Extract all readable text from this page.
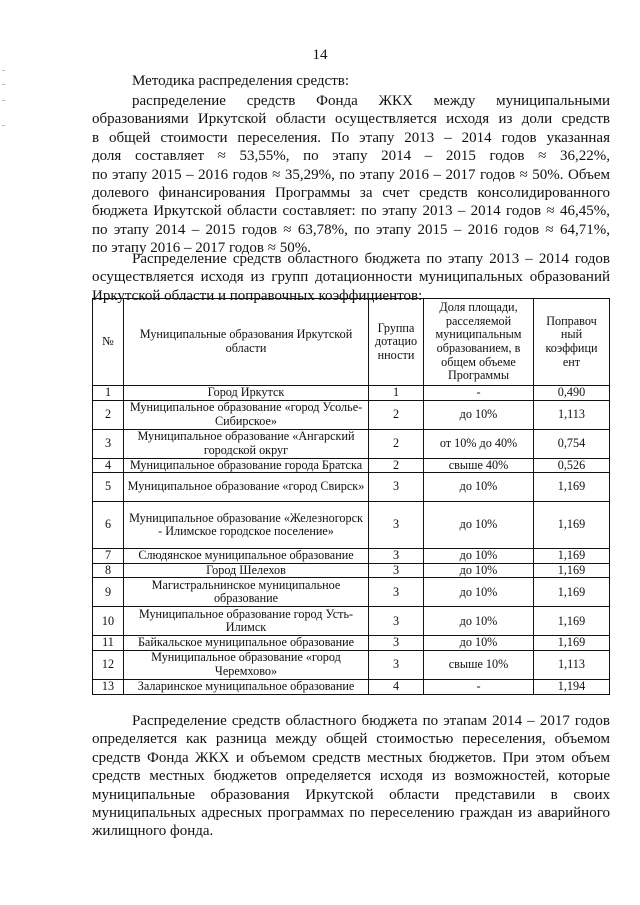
14
Методика распределения средств:
распределение средств Фонда ЖКХ между муниципальными
образованиями Иркутской области осуществляется исходя из доли средств
в общей стоимости переселения. По этапу 2013 – 2014 годов указанная
доля составляет ≈ 53,55%, по этапу 2014 – 2015 годов ≈ 36,22%,
по этапу 2015 – 2016 годов ≈ 35,29%, по этапу 2016 – 2017 годов ≈ 50%. Объем
долевого финансирования Программы за счет средств консолидированного
бюджета Иркутской области составляет: по этапу 2013 – 2014 годов ≈ 46,45%,
по этапу 2014 – 2015 годов ≈ 63,78%, по этапу 2015 – 2016 годов ≈ 64,71%,
по этапу 2016 – 2017 годов ≈ 50%.
Распределение средств областного бюджета по этапу 2013 – 2014 годов
осуществляется исходя из групп дотационности муниципальных образований
Иркутской области и поправочных коэффициентов:
№	Муниципальные образования Иркутской области	Группа дотацио нности	Доля площади, расселяемой муниципальным образованием, в общем объеме Программы	Поправоч ный коэффици ент
1	Город Иркутск	1	-	0,490
2	Муниципальное образование «город Усолье-Сибирское»	2	до 10%	1,113
3	Муниципальное образование «Ангарский городской округ	2	от 10% до 40%	0,754
4	Муниципальное образование города Братска	2	свыше 40%	0,526
5	Муниципальное образование «город Свирск»	3	до 10%	1,169
6	Муниципальное образование «Железногорск - Илимское городское поселение»	3	до 10%	1,169
7	Слюдянское муниципальное образование	3	до 10%	1,169
8	Город Шелехов	3	до 10%	1,169
9	Магистральнинское муниципальное образование	3	до 10%	1,169
10	Муниципальное образование город Усть-Илимск	3	до 10%	1,169
11	Байкальское муниципальное образование	3	до 10%	1,169
12	Муниципальное образование «город Черемхово»	3	свыше 10%	1,113
13	Заларинское муниципальное образование	4	-	1,194
Распределение средств областного бюджета по этапам 2014 – 2017 годов
определяется как разница между общей стоимостью переселения, объемом
средств Фонда ЖКХ и объемом средств местных бюджетов. При этом объем
средств местных бюджетов определяется исходя из возможностей, которые
муниципальные образования Иркутской области представили в своих
муниципальных адресных программах по переселению граждан из аварийного
жилищного фонда.
